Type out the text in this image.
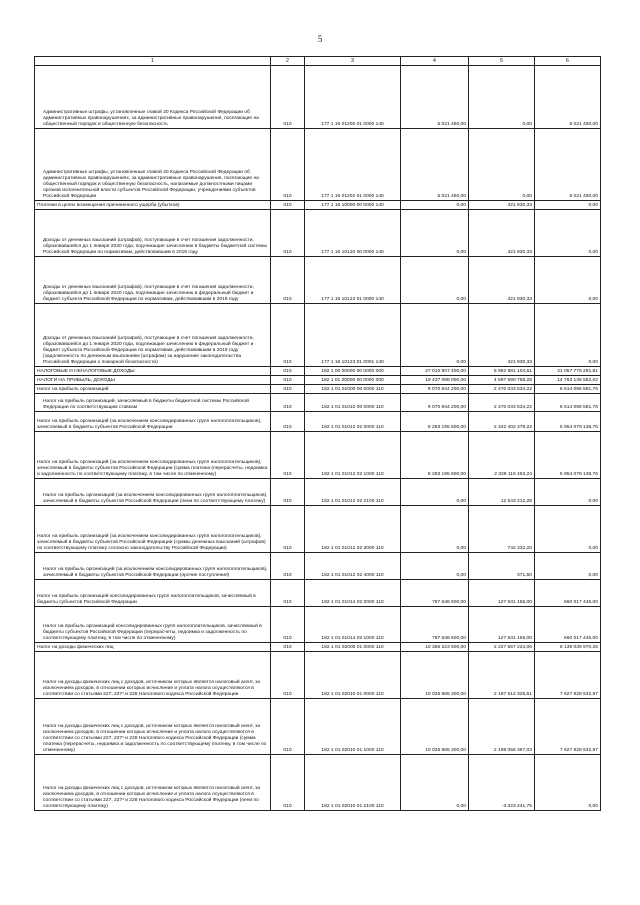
5
1	2	3	4	5	6
Административные штрафы, установленные главой 20 Кодекса Российской Федерации об административных правонарушениях, за административные правонарушения, посягающие на общественный порядок и общественную безопасность	010	177 1 16 01200 01 0000 140	5 021 450,00	0,00	5 021 450,00
Административные штрафы, установленные главой 20 Кодекса Российской Федерации об административных правонарушениях, за административные правонарушения, посягающие на общественный порядок и общественную безопасность, налагаемые должностными лицами органов исполнительной власти субъектов Российской Федерации, учреждениями субъектов Российской Федерации	010	177 1 16 01202 01 0000 140	5 021 450,00	0,00	5 021 450,00
Платежи в целях возмещения причиненного ущерба (убытков)	010	177 1 16 10000 00 0000 140	0,00	421 930,33	0,00
Доходы от денежных взысканий (штрафов), поступающие в счет погашения задолженности, образовавшейся до 1 января 2020 года, подлежащие зачислению в бюджеты бюджетной системы Российской Федерации по нормативам, действовавшим в 2019 году	010	177 1 16 10120 00 0000 140	0,00	421 930,33	0,00
Доходы от денежных взысканий (штрафов), поступающие в счет погашения задолженности, образовавшейся до 1 января 2020 года, подлежащие зачислению в федеральный бюджет и бюджет субъекта Российской Федерации по нормативам, действовавшим в 2019 году	010	177 1 16 10123 01 0000 140	0,00	421 930,33	0,00
Доходы от денежных взысканий (штрафов), поступающие в счет погашения задолженности, образовавшейся до 1 января 2020 года, подлежащие зачислению в федеральный бюджет и бюджет субъекта Российской Федерации по нормативам, действовавшим в 2019 году (задолженность по денежным взысканиям (штрафам) за нарушение законодательства Российской Федерации о пожарной безопасности)	010	177 1 16 10123 01 0001 140	0,00	421 930,33	0,00
НАЛОГОВЫЕ И НЕНАЛОГОВЫЕ ДОХОДЫ	010	182 1 00 00000 00 0000 000	27 010 907 400,00	5 982 881 104,61	21 057 775 291,81
НАЛОГИ НА ПРИБЫЛЬ, ДОХОДЫ	010	182 1 01 00000 00 0000 000	19 437 088 000,00	4 697 590 758,28	14 783 136 552,02
Налог на прибыль организаций	010	182 1 01 01000 00 0000 110	9 070 844 200,00	2 470 033 534,22	6 614 096 581,76
Налог на прибыль организаций, зачисляемый в бюджеты бюджетной системы Российской Федерации по соответствующим ставкам	010	182 1 01 01010 00 0000 110	9 070 844 200,00	2 470 033 534,22	6 614 096 581,76
Налог на прибыль организаций (за исключением консолидированных групп налогоплательщиков), зачисляемый в бюджеты субъектов Российской Федерации	010	182 1 01 01012 02 0000 110	8 283 195 600,00	2 342 402 379,22	5 954 079 136,76
Налог на прибыль организаций (за исключением консолидированных групп налогоплательщиков), зачисляемый в бюджеты субъектов Российской Федерации (сумма платежа (перерасчеты, недоимка и задолженность по соответствующему платежу, в том числе по отмененному)	010	182 1 01 01012 02 1000 110	8 283 195 600,00	2 329 116 463,24	5 954 079 136,76
Налог на прибыль организаций (за исключением консолидированных групп налогоплательщиков), зачисляемый в бюджеты субъектов Российской Федерации (пени по соответствующему платежу)	010	182 1 01 01012 02 2100 110	0,00	12 543 212,28	0,00
Налог на прибыль организаций (за исключением консолидированных групп налогоплательщиков), зачисляемый в бюджеты субъектов Российской Федерации (суммы денежных взысканий (штрафов) по соответствующему платежу согласно законодательству Российской Федерации)	010	182 1 01 01012 02 3000 110	0,00	742 332,20	0,00
Налог на прибыль организаций (за исключением консолидированных групп налогоплательщиков), зачисляемый в бюджеты субъектов Российской Федерации (прочие поступления)	010	182 1 01 01012 02 4000 110	0,00	371,50	0,00
Налог на прибыль организаций консолидированных групп налогоплательщиков, зачисляемый в бюджеты субъектов Российской Федерации	010	182 1 01 01014 02 0000 110	787 648 600,00	127 631 155,00	660 017 445,00
Налог на прибыль организаций консолидированных групп налогоплательщиков, зачисляемый в бюджеты субъектов Российской Федерации (перерасчеты, недоимка и задолженность по соответствующему платежу, в том числе по отмененному)	010	182 1 01 01014 02 1000 110	787 648 600,00	127 631 155,00	660 017 445,00
Налог на доходы физических лиц	010	182 1 01 02000 01 0000 110	10 366 223 600,00	2 227 557 224,06	8 139 039 970,26
Налог на доходы физических лиц с доходов, источником которых является налоговый агент, за исключением доходов, в отношении которых исчисление и уплата налога осуществляются в соответствии со статьями 227, 227¹ и 228 Налогового кодекса Российской Федерации	010	182 1 01 02010 01 0000 110	10 025 965 300,00	2 197 612 325,51	7 827 928 932,97
Налог на доходы физических лиц с доходов, источником которых является налоговый агент, за исключением доходов, в отношении которых исчисление и уплата налога осуществляются в соответствии со статьями 227, 227¹ и 228 Налогового кодекса Российской Федерации (сумма платежа (перерасчеты, недоимка и задолженность по соответствующему платежу, в том числе по отмененному)	010	182 1 01 02010 01 1000 110	10 025 965 300,00	2 198 056 367,03	7 827 928 932,97
Налог на доходы физических лиц с доходов, источником которых является налоговый агент, за исключением доходов, в отношении которых исчисление и уплата налога осуществляются в соответствии со статьями 227, 227¹ и 228 Налогового кодекса Российской Федерации (пени по соответствующему платежу)	010	182 1 01 02010 01 2100 110	0,00	-3 323 241,75	0,00
